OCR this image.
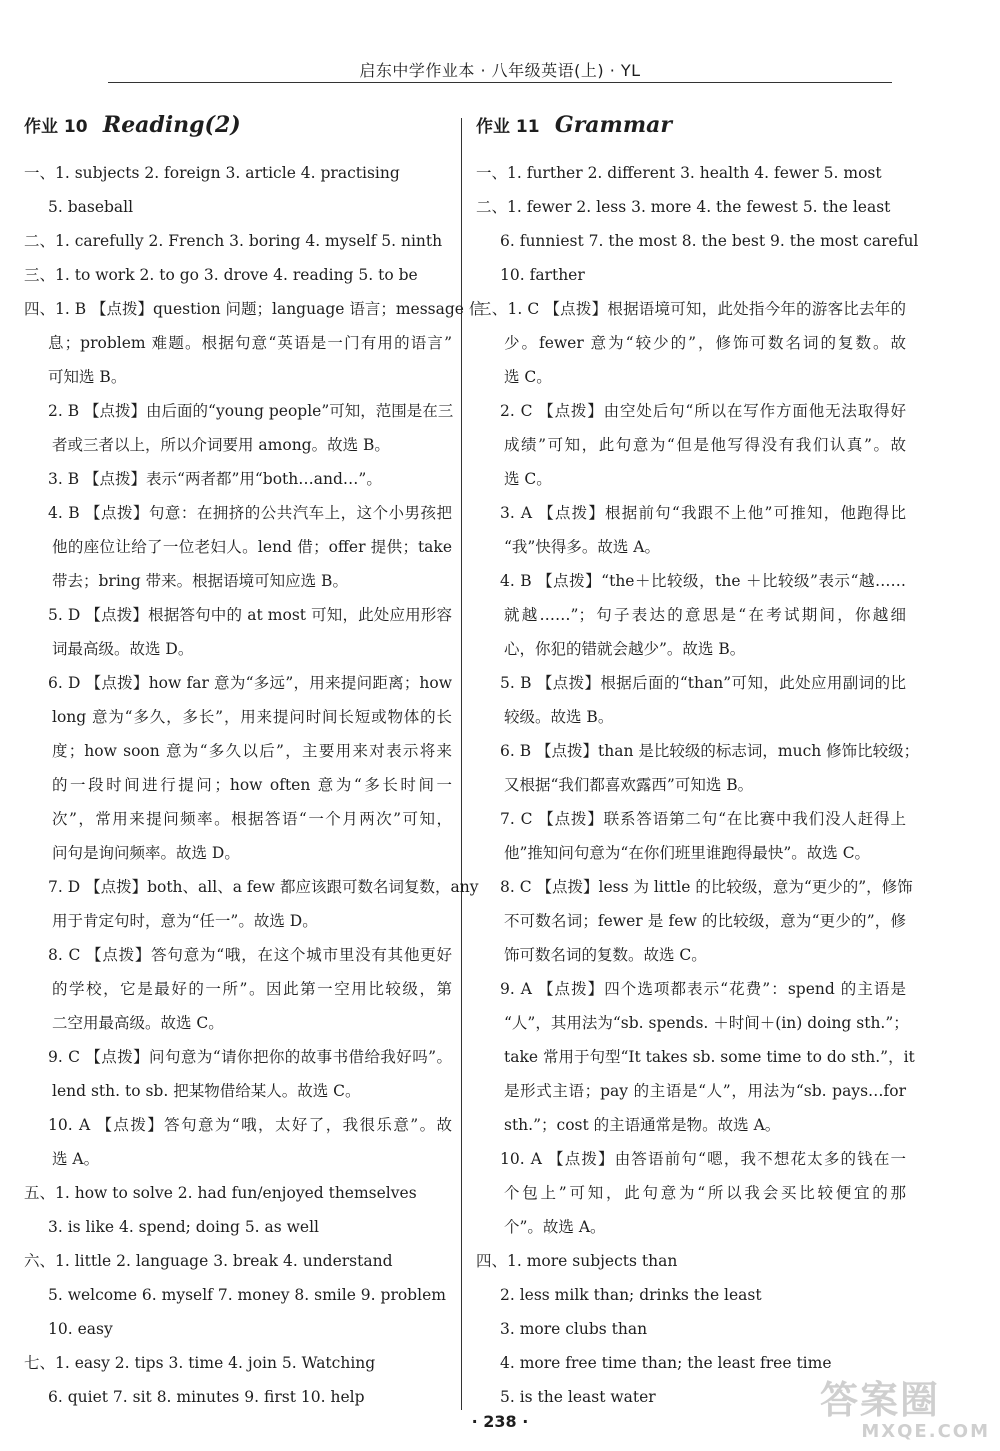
启东中学作业本 · 八年级英语(上) · YL
作业 10 Reading(2)
一、1. subjects 2. foreign 3. article 4. practising
5. baseball
二、1. carefully 2. French 3. boring 4. myself 5. ninth
三、1. to work 2. to go 3. drove 4. reading 5. to be
四、1. B 【点拨】question 问题；language 语言；message 信
息；problem 难题。根据句意“英语是一门有用的语言”
可知选 B。
2. B 【点拨】由后面的“young people”可知，范围是在三
者或三者以上，所以介词要用 among。故选 B。
3. B 【点拨】表示“两者都”用“both…and…”。
4. B 【点拨】句意：在拥挤的公共汽车上，这个小男孩把
他的座位让给了一位老妇人。lend 借；offer 提供；take
带去；bring 带来。根据语境可知应选 B。
5. D 【点拨】根据答句中的 at most 可知，此处应用形容
词最高级。故选 D。
6. D 【点拨】how far 意为“多远”，用来提问距离；how
long 意为“多久，多长”，用来提问时间长短或物体的长
度；how soon 意为“多久以后”，主要用来对表示将来
的一段时间进行提问；how often 意为“多长时间一
次”，常用来提问频率。根据答语“一个月两次”可知，
问句是询问频率。故选 D。
7. D 【点拨】both、all、a few 都应该跟可数名词复数，any
用于肯定句时，意为“任一”。故选 D。
8. C 【点拨】答句意为“哦，在这个城市里没有其他更好
的学校，它是最好的一所”。因此第一空用比较级，第
二空用最高级。故选 C。
9. C 【点拨】问句意为“请你把你的故事书借给我好吗”。
lend sth. to sb. 把某物借给某人。故选 C。
10. A 【点拨】答句意为“哦，太好了，我很乐意”。故
选 A。
五、1. how to solve 2. had fun/enjoyed themselves
3. is like 4. spend; doing 5. as well
六、1. little 2. language 3. break 4. understand
5. welcome 6. myself 7. money 8. smile 9. problem
10. easy
七、1. easy 2. tips 3. time 4. join 5. Watching
6. quiet 7. sit 8. minutes 9. first 10. help
作业 11 Grammar
一、1. further 2. different 3. health 4. fewer 5. most
二、1. fewer 2. less 3. more 4. the fewest 5. the least
6. funniest 7. the most 8. the best 9. the most careful
10. farther
三、1. C 【点拨】根据语境可知，此处指今年的游客比去年的
少。fewer 意为“较少的”，修饰可数名词的复数。故
选 C。
2. C 【点拨】由空处后句“所以在写作方面他无法取得好
成绩”可知，此句意为“但是他写得没有我们认真”。故
选 C。
3. A 【点拨】根据前句“我跟不上他”可推知，他跑得比
“我”快得多。故选 A。
4. B 【点拨】“the＋比较级，the ＋比较级”表示“越……
就越……”；句子表达的意思是“在考试期间，你越细
心，你犯的错就会越少”。故选 B。
5. B 【点拨】根据后面的“than”可知，此处应用副词的比
较级。故选 B。
6. B 【点拨】than 是比较级的标志词，much 修饰比较级；
又根据“我们都喜欢露西”可知选 B。
7. C 【点拨】联系答语第二句“在比赛中我们没人赶得上
他”推知问句意为“在你们班里谁跑得最快”。故选 C。
8. C 【点拨】less 为 little 的比较级，意为“更少的”，修饰
不可数名词；fewer 是 few 的比较级，意为“更少的”，修
饰可数名词的复数。故选 C。
9. A 【点拨】四个选项都表示“花费”：spend 的主语是
“人”，其用法为“sb. spends. ＋时间＋(in) doing sth.”；
take 常用于句型“It takes sb. some time to do sth.”，it
是形式主语；pay 的主语是“人”，用法为“sb. pays…for
sth.”；cost 的主语通常是物。故选 A。
10. A 【点拨】由答语前句“嗯，我不想花太多的钱在一
个包上”可知，此句意为“所以我会买比较便宜的那
个”。故选 A。
四、1. more subjects than
2. less milk than; drinks the least
3. more clubs than
4. more free time than; the least free time
5. is the least water
· 238 ·	答案圈
MXQE.COM
